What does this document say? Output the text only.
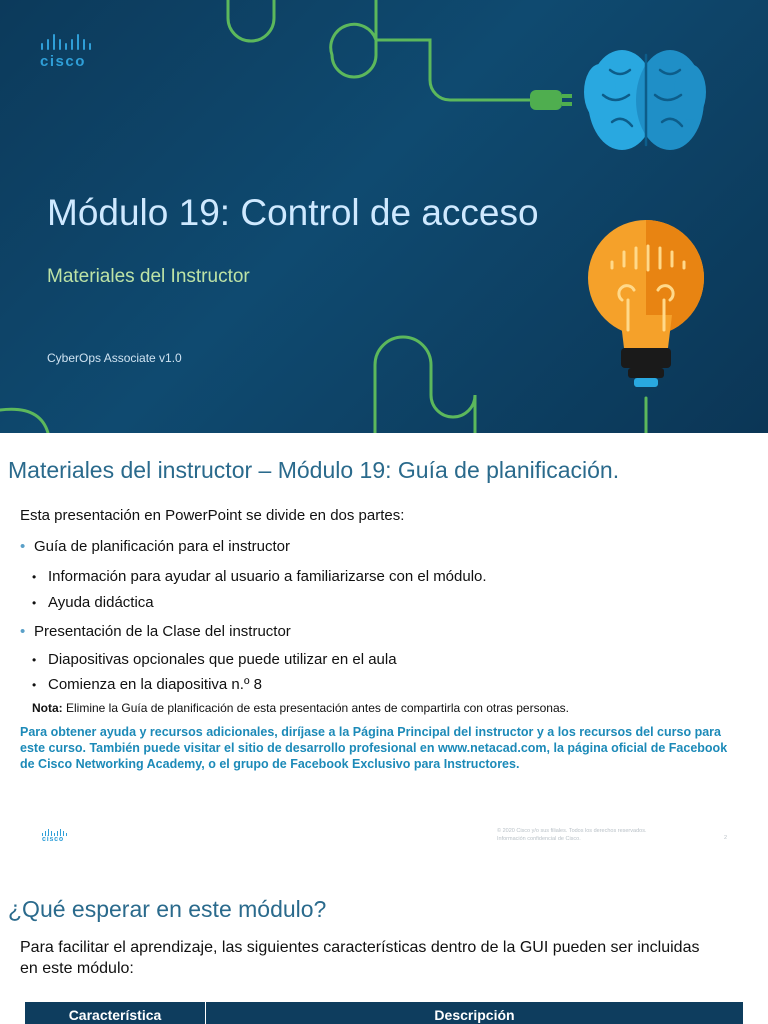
cisco
Módulo 19: Control de acceso
Materiales del Instructor
CyberOps Associate v1.0
Materiales del instructor – Módulo 19: Guía de planificación.
Esta presentación en PowerPoint se divide en dos partes:
• Guía de planificación para el instructor
• Información para ayudar al usuario a familiarizarse con el módulo.
• Ayuda didáctica
• Presentación de la Clase del instructor
• Diapositivas opcionales que puede utilizar en el aula
• Comienza en la diapositiva n.º 8
Nota: Elimine la Guía de planificación de esta presentación antes de compartirla con otras personas.
Para obtener ayuda y recursos adicionales, diríjase a la Página Principal del instructor y a los recursos del curso para este curso. También puede visitar el sitio de desarrollo profesional en www.netacad.com, la página oficial de Facebook de Cisco Networking Academy, o el grupo de Facebook Exclusivo para Instructores.
cisco
© 2020 Cisco y/o sus filiales. Todos los derechos reservados.
Información confidencial de Cisco.	2
¿Qué esperar en este módulo?
Para facilitar el aprendizaje, las siguientes características dentro de la GUI pueden ser incluidas en este módulo:
Característica	Descripción
